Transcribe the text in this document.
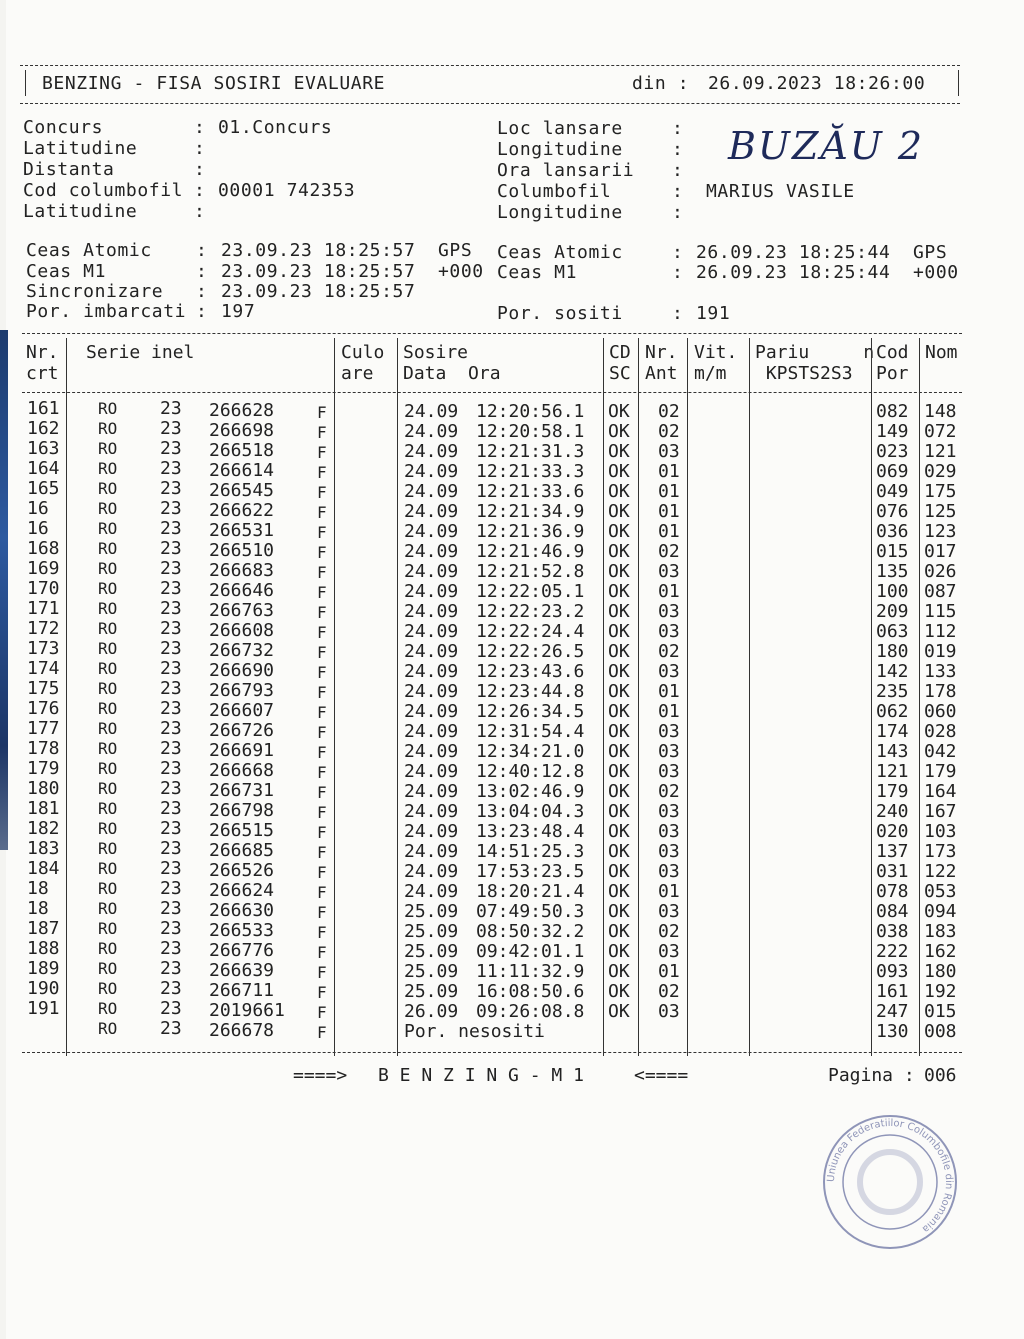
BENZING - FISA SOSIRI EVALUARE	din : 26.09.2023 18:26:00
Concurs	: 01.Concurs
Latitudine	:
Distanta	:
Cod columbofil : 00001 742353
Latitudine	:
Loc lansare	:
Longitudine	:
Ora lansarii :
Columbofil	: MARIUS VASILE
Longitudine	:
BUZĂU 2
Ceas Atomic : 23.09.23 18:25:57 GPS
Ceas M1	: 23.09.23 18:25:57 +000
Sincronizare : 23.09.23 18:25:57
Por. imbarcati : 197
Ceas Atomic	: 26.09.23 18:25:44 GPS
Ceas M1	: 26.09.23 18:25:44 +000
Por. sositi	: 191
Nr.
crt
Serie inel	Culo
are
Sosire
Data  Ora
CD
SC
Nr.
Ant
Vit.
m/m
Pariu     n
KPSTS2S3
Cod
Por
Nom
161 RO 23 266628	F	24.09 12:20:56.1 OK 02	082 148
162 RO 23 266698	F	24.09 12:20:58.1 OK 02	149 072
163 RO 23 266518	F	24.09 12:21:31.3 OK 03	023 121
164 RO 23 266614	F	24.09 12:21:33.3 OK 01	069 029
165 RO 23 266545	F	24.09 12:21:33.6 OK 01	049 175
16	RO 23 266622	F	24.09 12:21:34.9 OK 01	076 125
16	RO 23 266531	F	24.09 12:21:36.9 OK 01	036 123
168 RO 23 266510	F	24.09 12:21:46.9 OK 02	015 017
169 RO 23 266683	F	24.09 12:21:52.8 OK 03	135 026
170 RO 23 266646	F	24.09 12:22:05.1 OK 01	100 087
171 RO 23 266763	F	24.09 12:22:23.2 OK 03	209 115
172 RO 23 266608	F	24.09 12:22:24.4 OK 03	063 112
173 RO 23 266732	F	24.09 12:22:26.5 OK 02	180 019
174 RO 23 266690	F	24.09 12:23:43.6 OK 03	142 133
175 RO 23 266793	F	24.09 12:23:44.8 OK 01	235 178
176 RO 23 266607	F	24.09 12:26:34.5 OK 01	062 060
177 RO 23 266726	F	24.09 12:31:54.4 OK 03	174 028
178 RO 23 266691	F	24.09 12:34:21.0 OK 03	143 042
179 RO 23 266668	F	24.09 12:40:12.8 OK 03	121 179
180 RO 23 266731	F	24.09 13:02:46.9 OK 02	179 164
181 RO 23 266798	F	24.09 13:04:04.3 OK 03	240 167
182 RO 23 266515	F	24.09 13:23:48.4 OK 03	020 103
183 RO 23 266685	F	24.09 14:51:25.3 OK 03	137 173
184 RO 23 266526	F	24.09 17:53:23.5 OK 03	031 122
18	RO 23 266624	F	24.09 18:20:21.4 OK 01	078 053
18	RO 23 266630	F	25.09 07:49:50.3 OK 03	084 094
187 RO 23 266533	F	25.09 08:50:32.2 OK 02	038 183
188 RO 23 266776	F	25.09 09:42:01.1 OK 03	222 162
189 RO 23 266639	F	25.09 11:11:32.9 OK 01	093 180
190 RO 23 266711	F	25.09 16:08:50.6 OK 02	161 192
191 RO 23 2019661 F	26.09 09:26:08.8 OK 03	247 015
RO 23 266678	F	Por. nesositi	130 008
====> B E N Z I N G - M 1	<====	Pagina : 006
Uniunea Federatiilor Columbofile din Romania
